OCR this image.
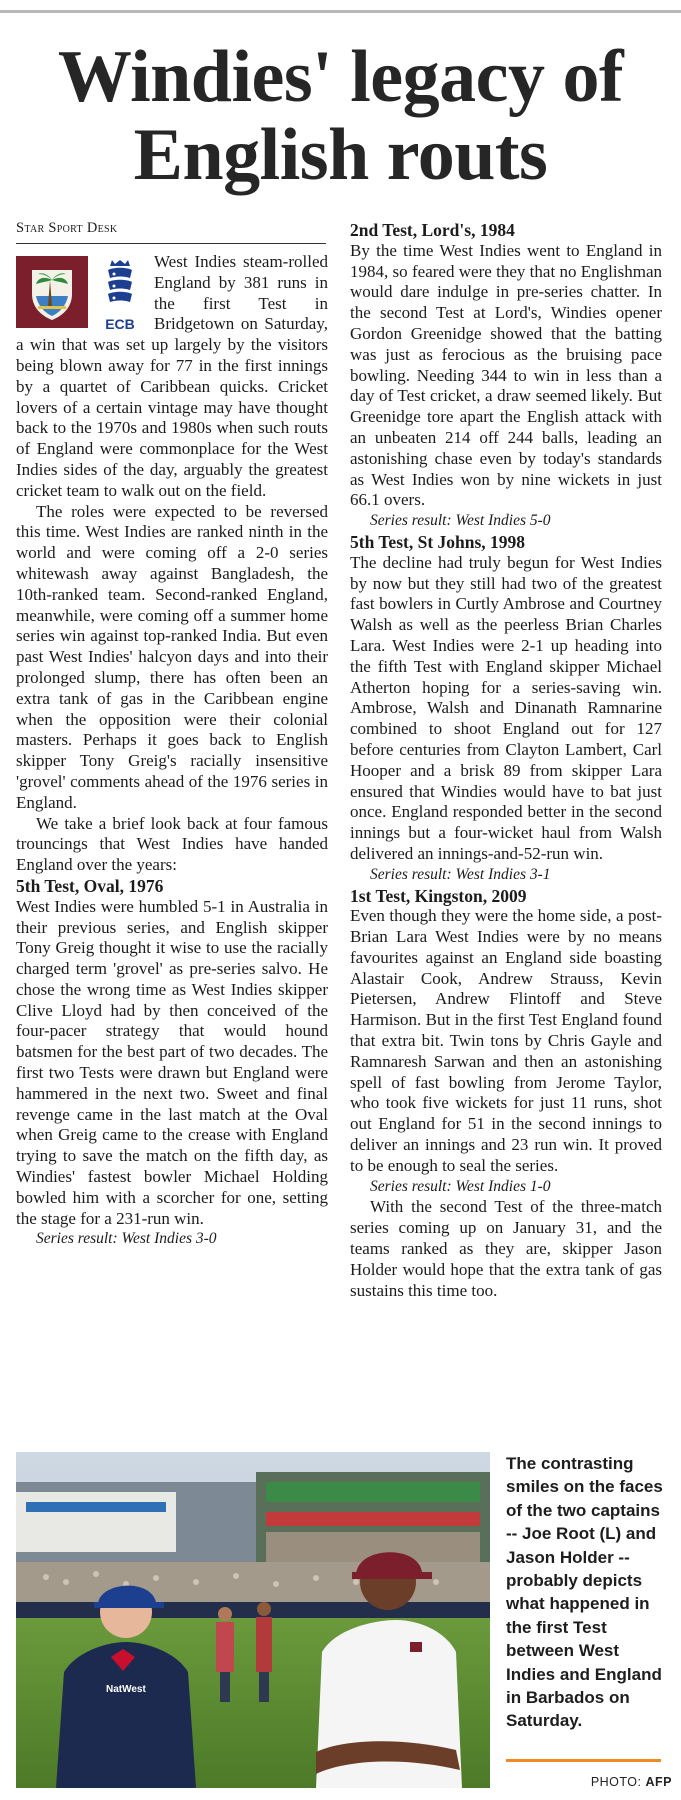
Windies' legacy of English routs
Star Sport Desk
ECB

West Indies steam-rolled England by 381 runs in the first Test in Bridgetown on Saturday, a win that was set up largely by the visitors being blown away for 77 in the first innings by a quartet of Caribbean quicks. Cricket lovers of a certain vintage may have thought back to the 1970s and 1980s when such routs of England were commonplace for the West Indies sides of the day, arguably the greatest cricket team to walk out on the field.

The roles were expected to be reversed this time. West Indies are ranked ninth in the world and were coming off a 2-0 series whitewash away against Bangladesh, the 10th-ranked team. Second-ranked England, meanwhile, were coming off a summer home series win against top-ranked India. But even past West Indies' halcyon days and into their prolonged slump, there has often been an extra tank of gas in the Caribbean engine when the opposition were their colonial masters. Perhaps it goes back to English skipper Tony Greig's racially insensitive 'grovel' comments ahead of the 1976 series in England.

We take a brief look back at four famous trouncings that West Indies have handed England over the years:

5th Test, Oval, 1976

West Indies were humbled 5-1 in Australia in their previous series, and English skipper Tony Greig thought it wise to use the racially charged term 'grovel' as pre-series salvo. He chose the wrong time as West Indies skipper Clive Lloyd had by then conceived of the four-pacer strategy that would hound batsmen for the best part of two decades. The first two Tests were drawn but England were hammered in the next two. Sweet and final revenge came in the last match at the Oval when Greig came to the crease with England trying to save the match on the fifth day, as Windies' fastest bowler Michael Holding bowled him with a scorcher for one, setting the stage for a 231-run win.

Series result: West Indies 3-0

2nd Test, Lord's, 1984

By the time West Indies went to England in 1984, so feared were they that no Englishman would dare indulge in pre-series chatter. In the second Test at Lord's, Windies opener Gordon Greenidge showed that the batting was just as ferocious as the bruising pace bowling. Needing 344 to win in less than a day of Test cricket, a draw seemed likely. But Greenidge tore apart the English attack with an unbeaten 214 off 244 balls, leading an astonishing chase even by today's standards as West Indies won by nine wickets in just 66.1 overs.

Series result: West Indies 5-0

5th Test, St Johns, 1998

The decline had truly begun for West Indies by now but they still had two of the greatest fast bowlers in Curtly Ambrose and Courtney Walsh as well as the peerless Brian Charles Lara. West Indies were 2-1 up heading into the fifth Test with England skipper Michael Atherton hoping for a series-saving win. Ambrose, Walsh and Dinanath Ramnarine combined to shoot England out for 127 before centuries from Clayton Lambert, Carl Hooper and a brisk 89 from skipper Lara ensured that Windies would have to bat just once. England responded better in the second innings but a four-wicket haul from Walsh delivered an innings-and-52-run win.

Series result: West Indies 3-1

1st Test, Kingston, 2009

Even though they were the home side, a post-Brian Lara West Indies were by no means favourites against an England side boasting Alastair Cook, Andrew Strauss, Kevin Pietersen, Andrew Flintoff and Steve Harmison. But in the first Test England found that extra bit. Twin tons by Chris Gayle and Ramnaresh Sarwan and then an astonishing spell of fast bowling from Jerome Taylor, who took five wickets for just 11 runs, shot out England for 51 in the second innings to deliver an innings and 23 run win. It proved to be enough to seal the series.

Series result: West Indies 1-0

With the second Test of the three-match series coming up on January 31, and the teams ranked as they are, skipper Jason Holder would hope that the extra tank of gas sustains this time too.

NatWest
The contrasting smiles on the faces of the two captains -- Joe Root (L) and Jason Holder -- probably depicts what happened in the first Test between West Indies and England in Barbados on Saturday.
PHOTO: AFP
